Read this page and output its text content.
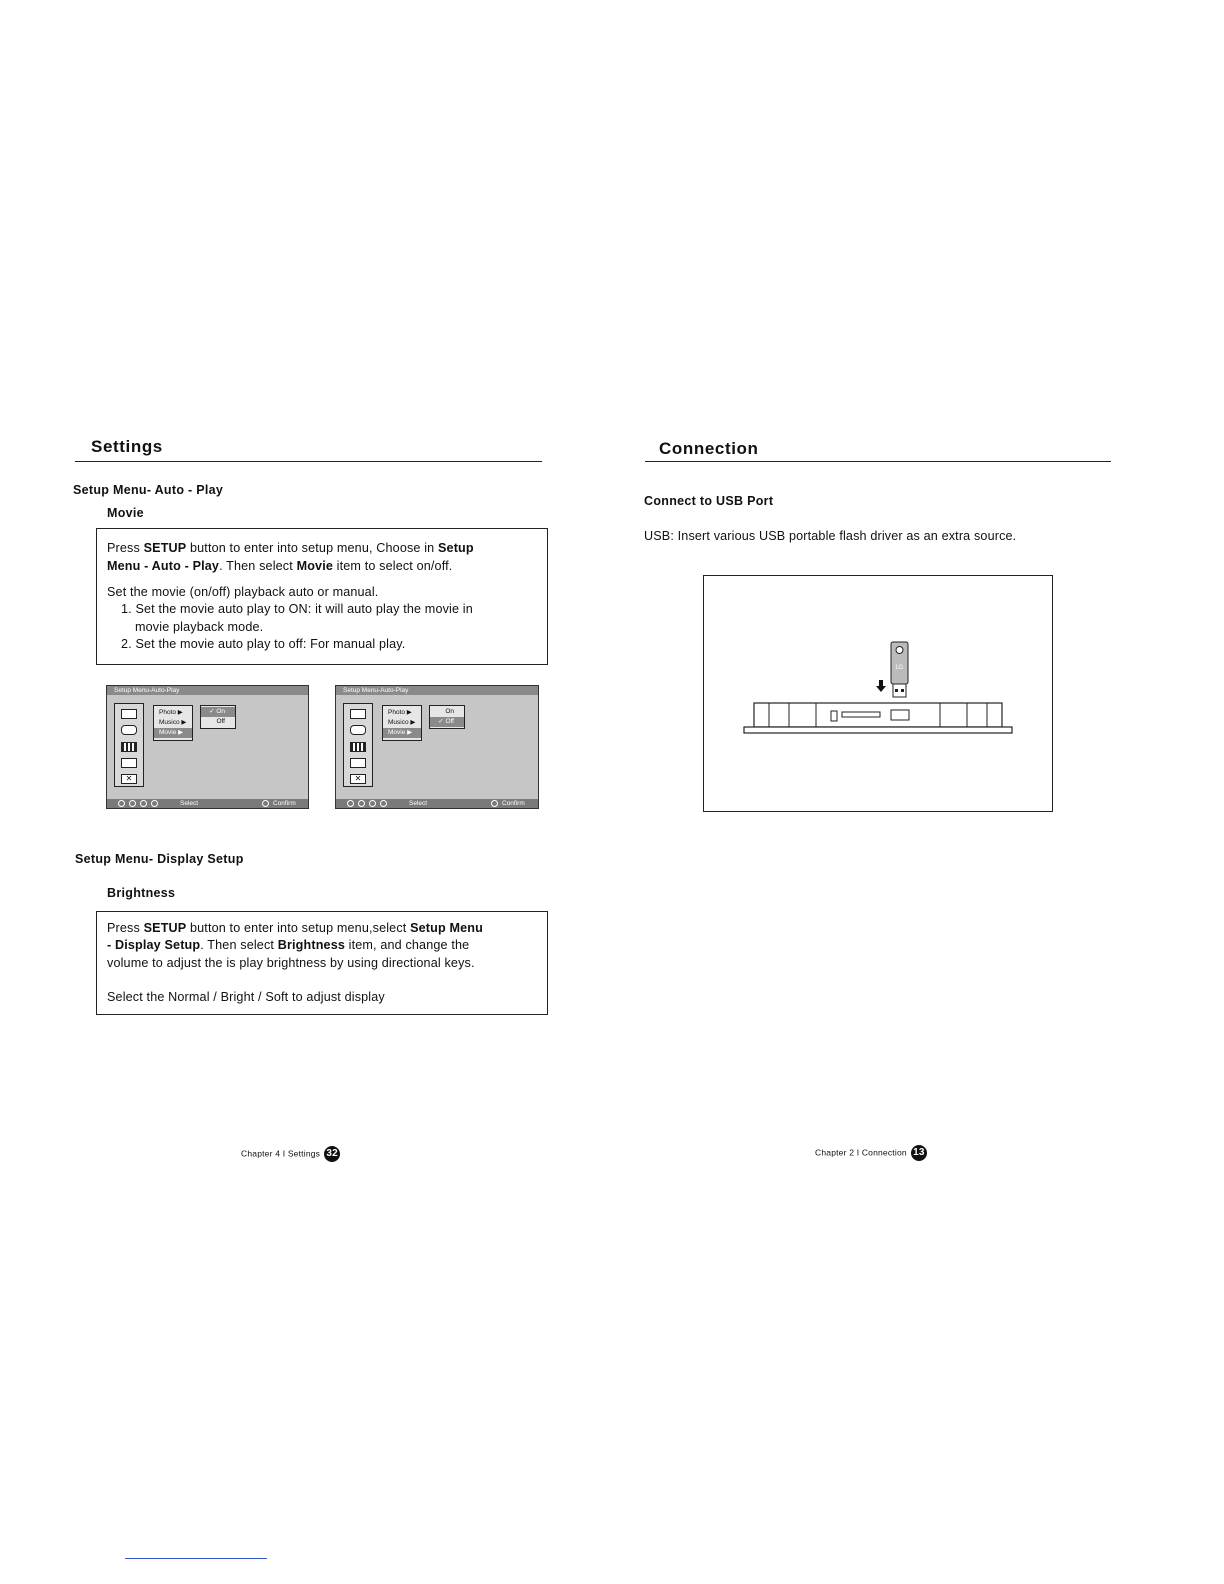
Settings
Setup Menu- Auto - Play
Movie

Press SETUP button to enter into setup menu, Choose in Setup
Menu - Auto - Play. Then select Movie item to select on/off.

Set the movie (on/off) playback auto or manual.

1. Set the movie auto play to ON: it will auto play the movie in

movie playback mode.

2. Set the movie auto play to off: For manual play.

Setup Menu-Auto-Play
✕
Photo ▶
Musico ▶
Movie ▶
✓ On
Off
Select	Confirm
Setup Menu-Auto-Play
✕
Photo ▶
Musico ▶
Movie ▶
On
✓ Off
Select	Confirm
Setup Menu- Display Setup
Brightness

Press SETUP button to enter into setup menu,select Setup Menu

- Display Setup. Then select Brightness item, and change the

volume to adjust the is play brightness by using directional keys.

Select the Normal / Bright / Soft to adjust display

Chapter 4 I Settings 32
Connection
Connect to USB Port

USB: Insert various USB portable flash driver as an extra source.

1G
Chapter 2 I Connection 13
